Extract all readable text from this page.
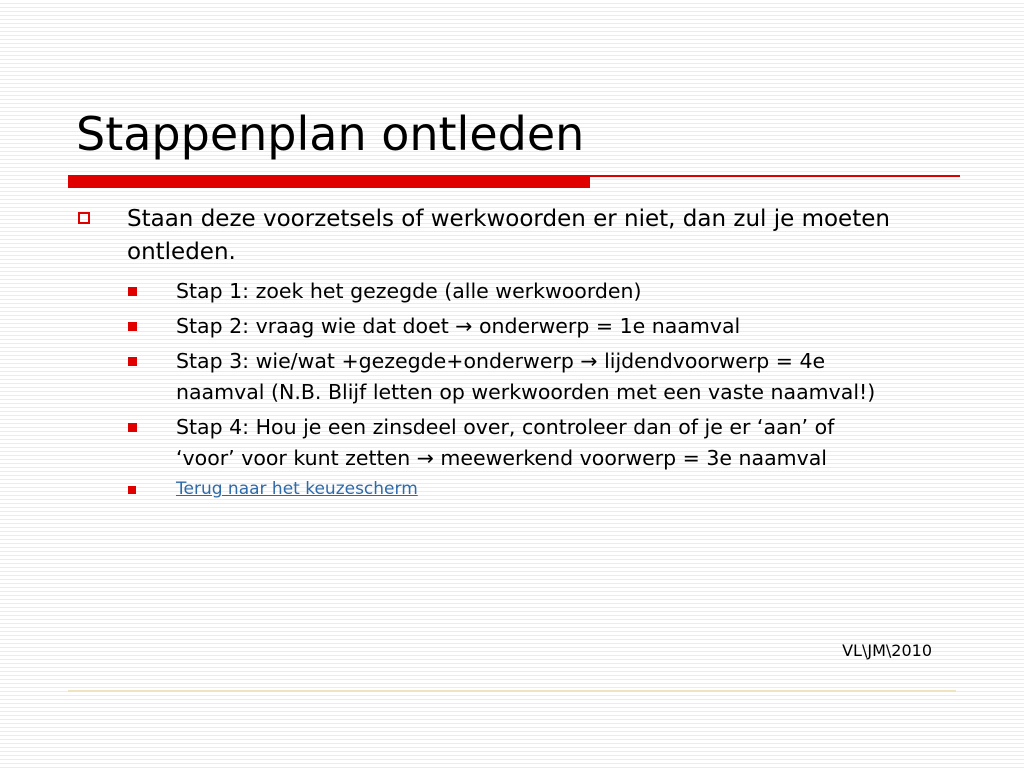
Stappenplan ontleden
Staan deze voorzetsels of werkwoorden er niet, dan zul je moeten ontleden.
Stap 1: zoek het gezegde (alle werkwoorden)
Stap 2: vraag wie dat doet → onderwerp = 1e naamval
Stap 3: wie/wat +gezegde+onderwerp → lijdendvoorwerp = 4e naamval (N.B. Blijf letten op werkwoorden met een vaste naamval!)
Stap 4: Hou je een zinsdeel over, controleer dan of je er ‘aan’ of ‘voor’ voor kunt zetten → meewerkend voorwerp = 3e naamval
Terug naar het keuzescherm
VL\JM\2010
